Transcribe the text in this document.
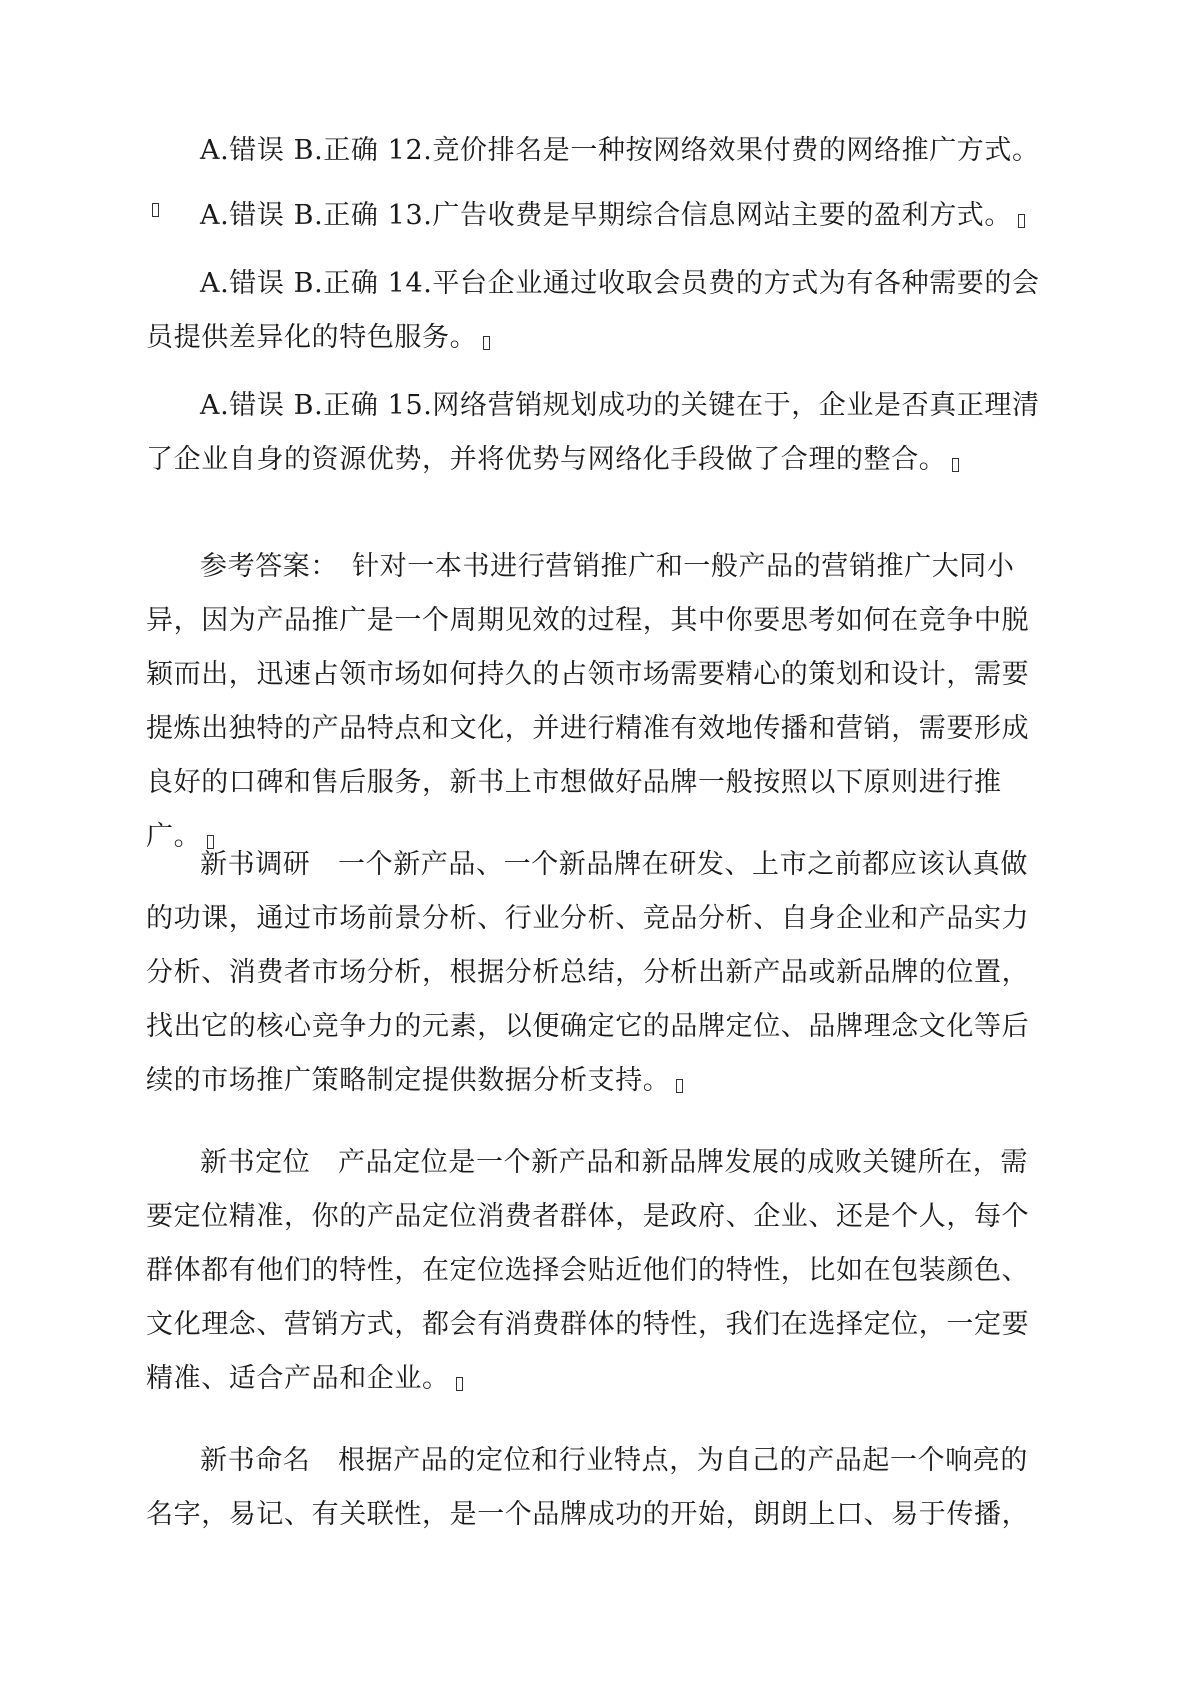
A.错误 B.正确 12.竞价排名是一种按网络效果付费的网络推广方式。

A.错误 B.正确 13.广告收费是早期综合信息网站主要的盈利方式。

A.错误 B.正确 14.平台企业通过收取会员费的方式为有各种需要的会员提供差异化的特色服务。

A.错误 B.正确 15.网络营销规划成功的关键在于，企业是否真正理清了企业自身的资源优势，并将优势与网络化手段做了合理的整合。

参考答案：　针对一本书进行营销推广和一般产品的营销推广大同小异，因为产品推广是一个周期见效的过程，其中你要思考如何在竞争中脱颖而出，迅速占领市场如何持久的占领市场需要精心的策划和设计，需要提炼出独特的产品特点和文化，并进行精准有效地传播和营销，需要形成良好的口碑和售后服务，新书上市想做好品牌一般按照以下原则进行推广。

新书调研　一个新产品、一个新品牌在研发、上市之前都应该认真做的功课，通过市场前景分析、行业分析、竞品分析、自身企业和产品实力分析、消费者市场分析，根据分析总结，分析出新产品或新品牌的位置，找出它的核心竞争力的元素，以便确定它的品牌定位、品牌理念文化等后续的市场推广策略制定提供数据分析支持。

新书定位　产品定位是一个新产品和新品牌发展的成败关键所在，需要定位精准，你的产品定位消费者群体，是政府、企业、还是个人，每个群体都有他们的特性，在定位选择会贴近他们的特性，比如在包装颜色、文化理念、营销方式，都会有消费群体的特性，我们在选择定位，一定要精准、适合产品和企业。

新书命名　根据产品的定位和行业特点，为自己的产品起一个响亮的名字，易记、有关联性，是一个品牌成功的开始，朗朗上口、易于传播，
